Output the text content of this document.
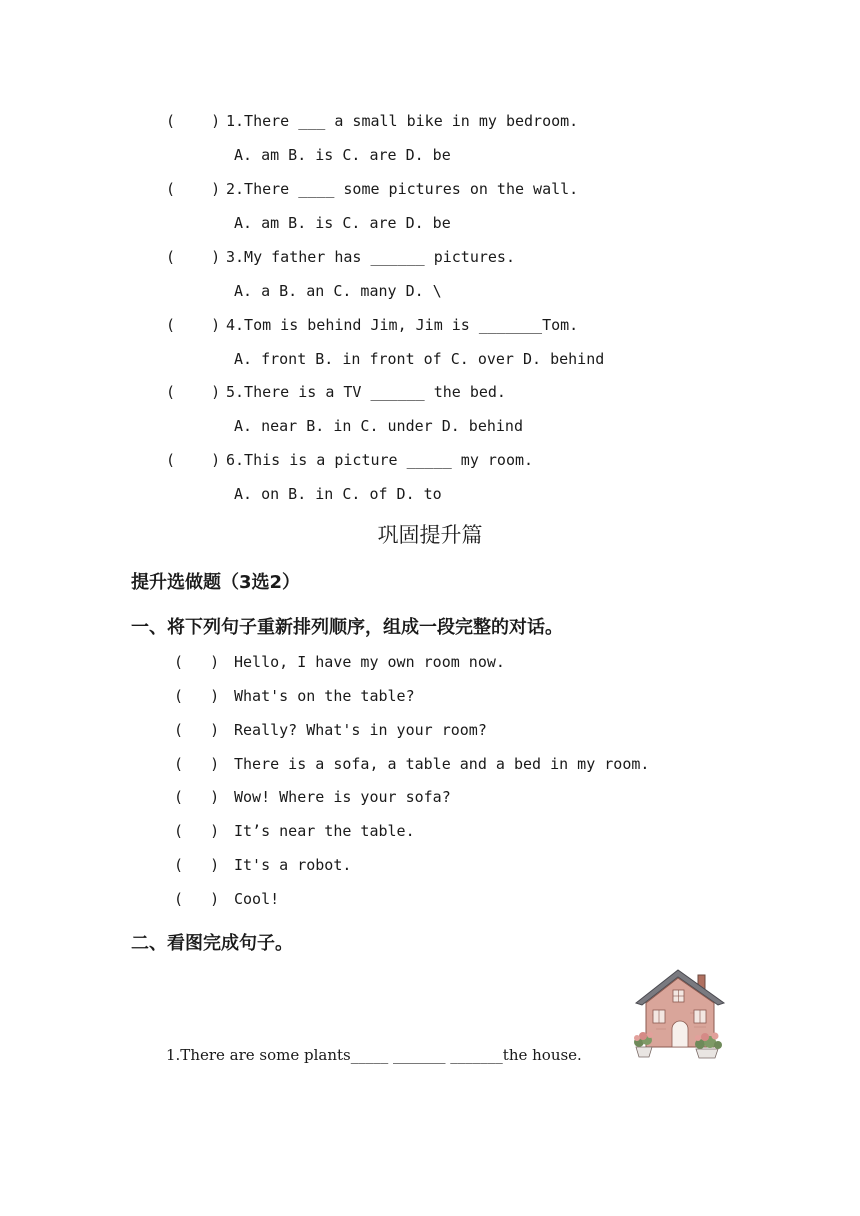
(    ) 1.There ___ a small bike in my bedroom.
A. am B. is C. are D. be
(    ) 2.There ____ some pictures on the wall.
A. am B. is C. are D. be
(    ) 3.My father has ______ pictures.
A. a B. an C. many D. \
(    ) 4.Tom is behind Jim, Jim is _______Tom.
A. front B. in front of C. over D. behind
(    ) 5.There is a TV ______ the bed.
A. near B. in C. under D. behind
(    ) 6.This is a picture _____ my room.
A. on B. in C. of D. to
巩固提升篇
提升选做题（3选2）
一、将下列句子重新排列顺序，组成一段完整的对话。
(   ) Hello, I have my own room now.
(   ) What's on the table?
(   ) Really? What's in your room?
(   ) There is a sofa, a table and a bed in my room.
(   ) Wow! Where is your sofa?
(   ) It’s near the table.
(   ) It's a robot.
(   ) Cool!
二、看图完成句子。
1.There are some plants_____ _______ _______the house.
